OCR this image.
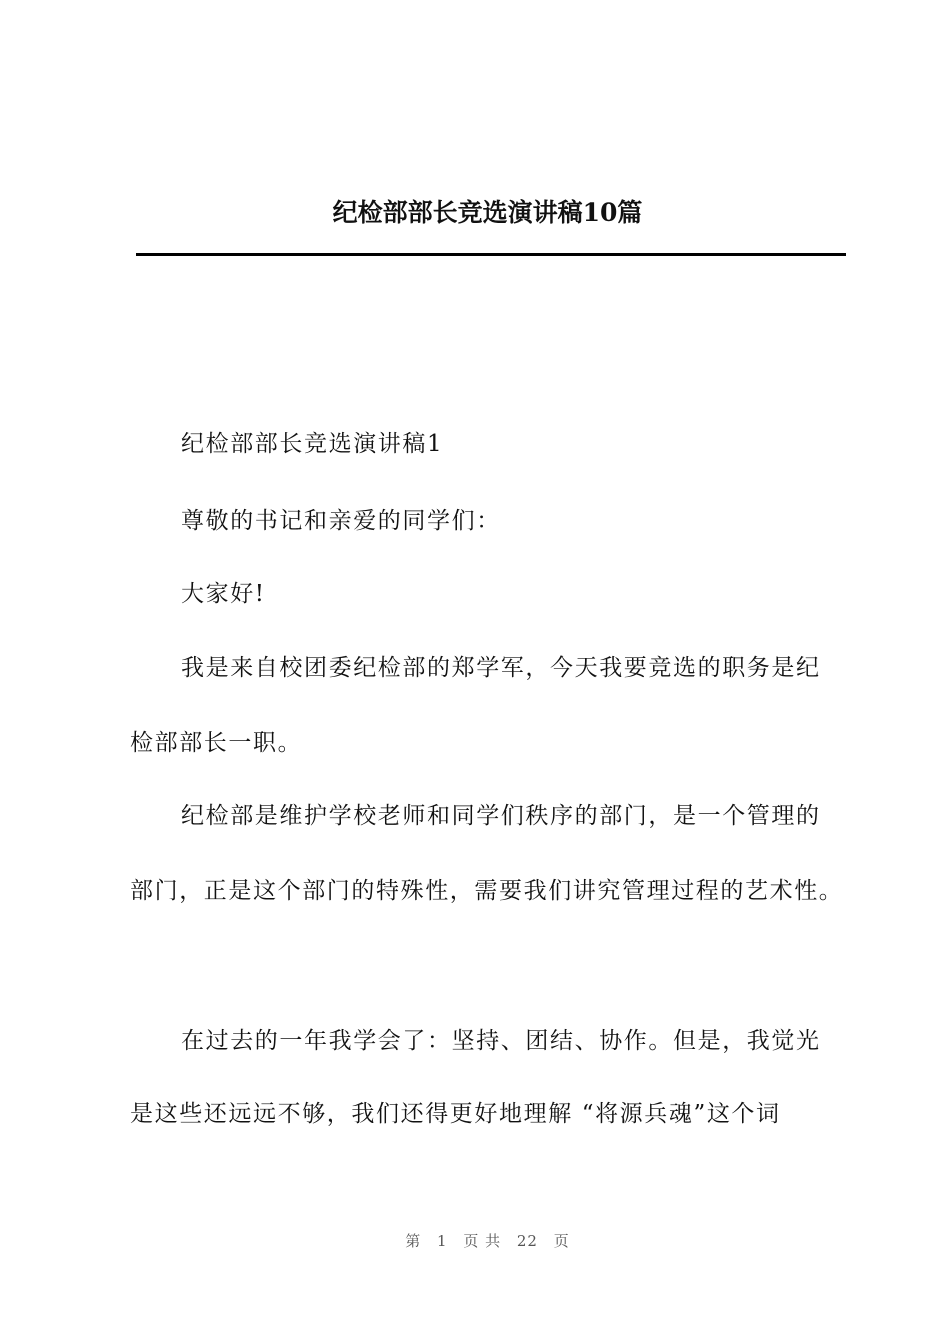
纪检部部长竞选演讲稿10篇
纪检部部长竞选演讲稿1
尊敬的书记和亲爱的同学们：
大家好!
我是来自校团委纪检部的郑学军，今天我要竞选的职务是纪
检部部长一职。
纪检部是维护学校老师和同学们秩序的部门，是一个管理的
部门，正是这个部门的特殊性，需要我们讲究管理过程的艺术性。
在过去的一年我学会了：坚持、团结、协作。但是，我觉光
是这些还远远不够，我们还得更好地理解 “将源兵魂”这个词
第 1 页 共 22 页
